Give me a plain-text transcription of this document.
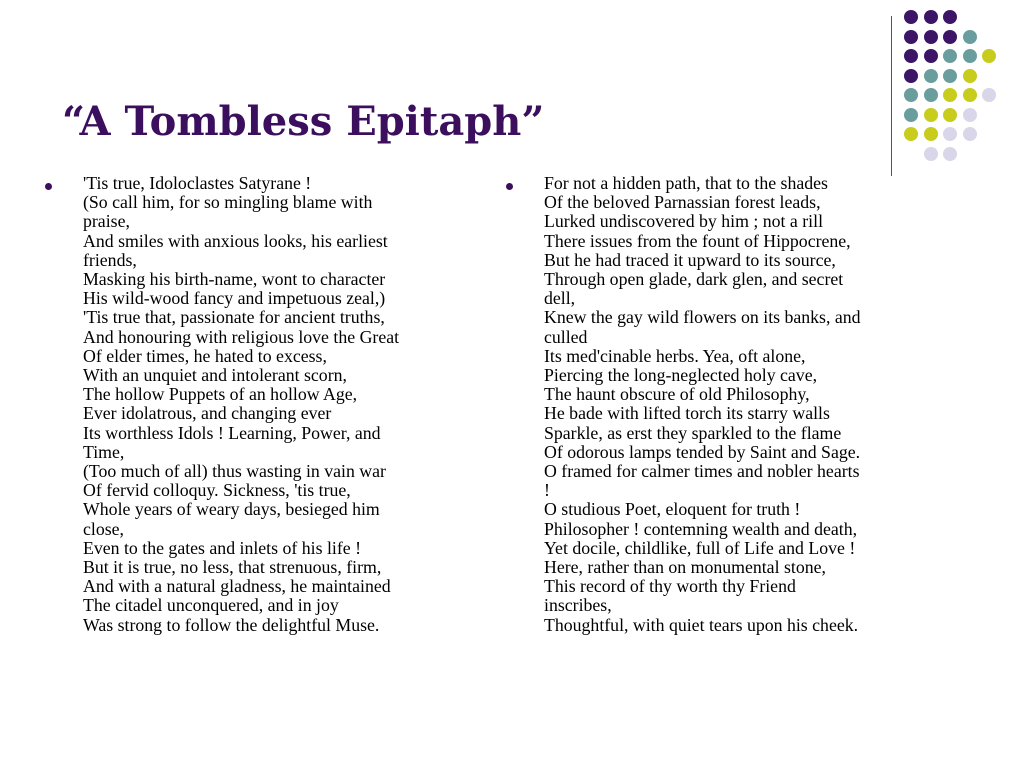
“A Tombless Epitaph”
'Tis true, Idoloclastes Satyrane !
(So call him, for so mingling blame with
praise,
And smiles with anxious looks, his earliest
friends,
Masking his birth-name, wont to character
His wild-wood fancy and impetuous zeal,)
'Tis true that, passionate for ancient truths,
And honouring with religious love the Great
Of elder times, he hated to excess,
With an unquiet and intolerant scorn,
The hollow Puppets of an hollow Age,
Ever idolatrous, and changing ever
Its worthless Idols ! Learning, Power, and
Time,
(Too much of all) thus wasting in vain war
Of fervid colloquy. Sickness, 'tis true,
Whole years of weary days, besieged him
close,
Even to the gates and inlets of his life !
But it is true, no less, that strenuous, firm,
And with a natural gladness, he maintained
The citadel unconquered, and in joy
Was strong to follow the delightful Muse.
For not a hidden path, that to the shades
Of the beloved Parnassian forest leads,
Lurked undiscovered by him ; not a rill
There issues from the fount of Hippocrene,
But he had traced it upward to its source,
Through open glade, dark glen, and secret
dell,
Knew the gay wild flowers on its banks, and
culled
Its med'cinable herbs. Yea, oft alone,
Piercing the long-neglected holy cave,
The haunt obscure of old Philosophy,
He bade with lifted torch its starry walls
Sparkle, as erst they sparkled to the flame
Of odorous lamps tended by Saint and Sage.
O framed for calmer times and nobler hearts
!
O studious Poet, eloquent for truth !
Philosopher ! contemning wealth and death,
Yet docile, childlike, full of Life and Love !
Here, rather than on monumental stone,
This record of thy worth thy Friend
inscribes,
Thoughtful, with quiet tears upon his cheek.
